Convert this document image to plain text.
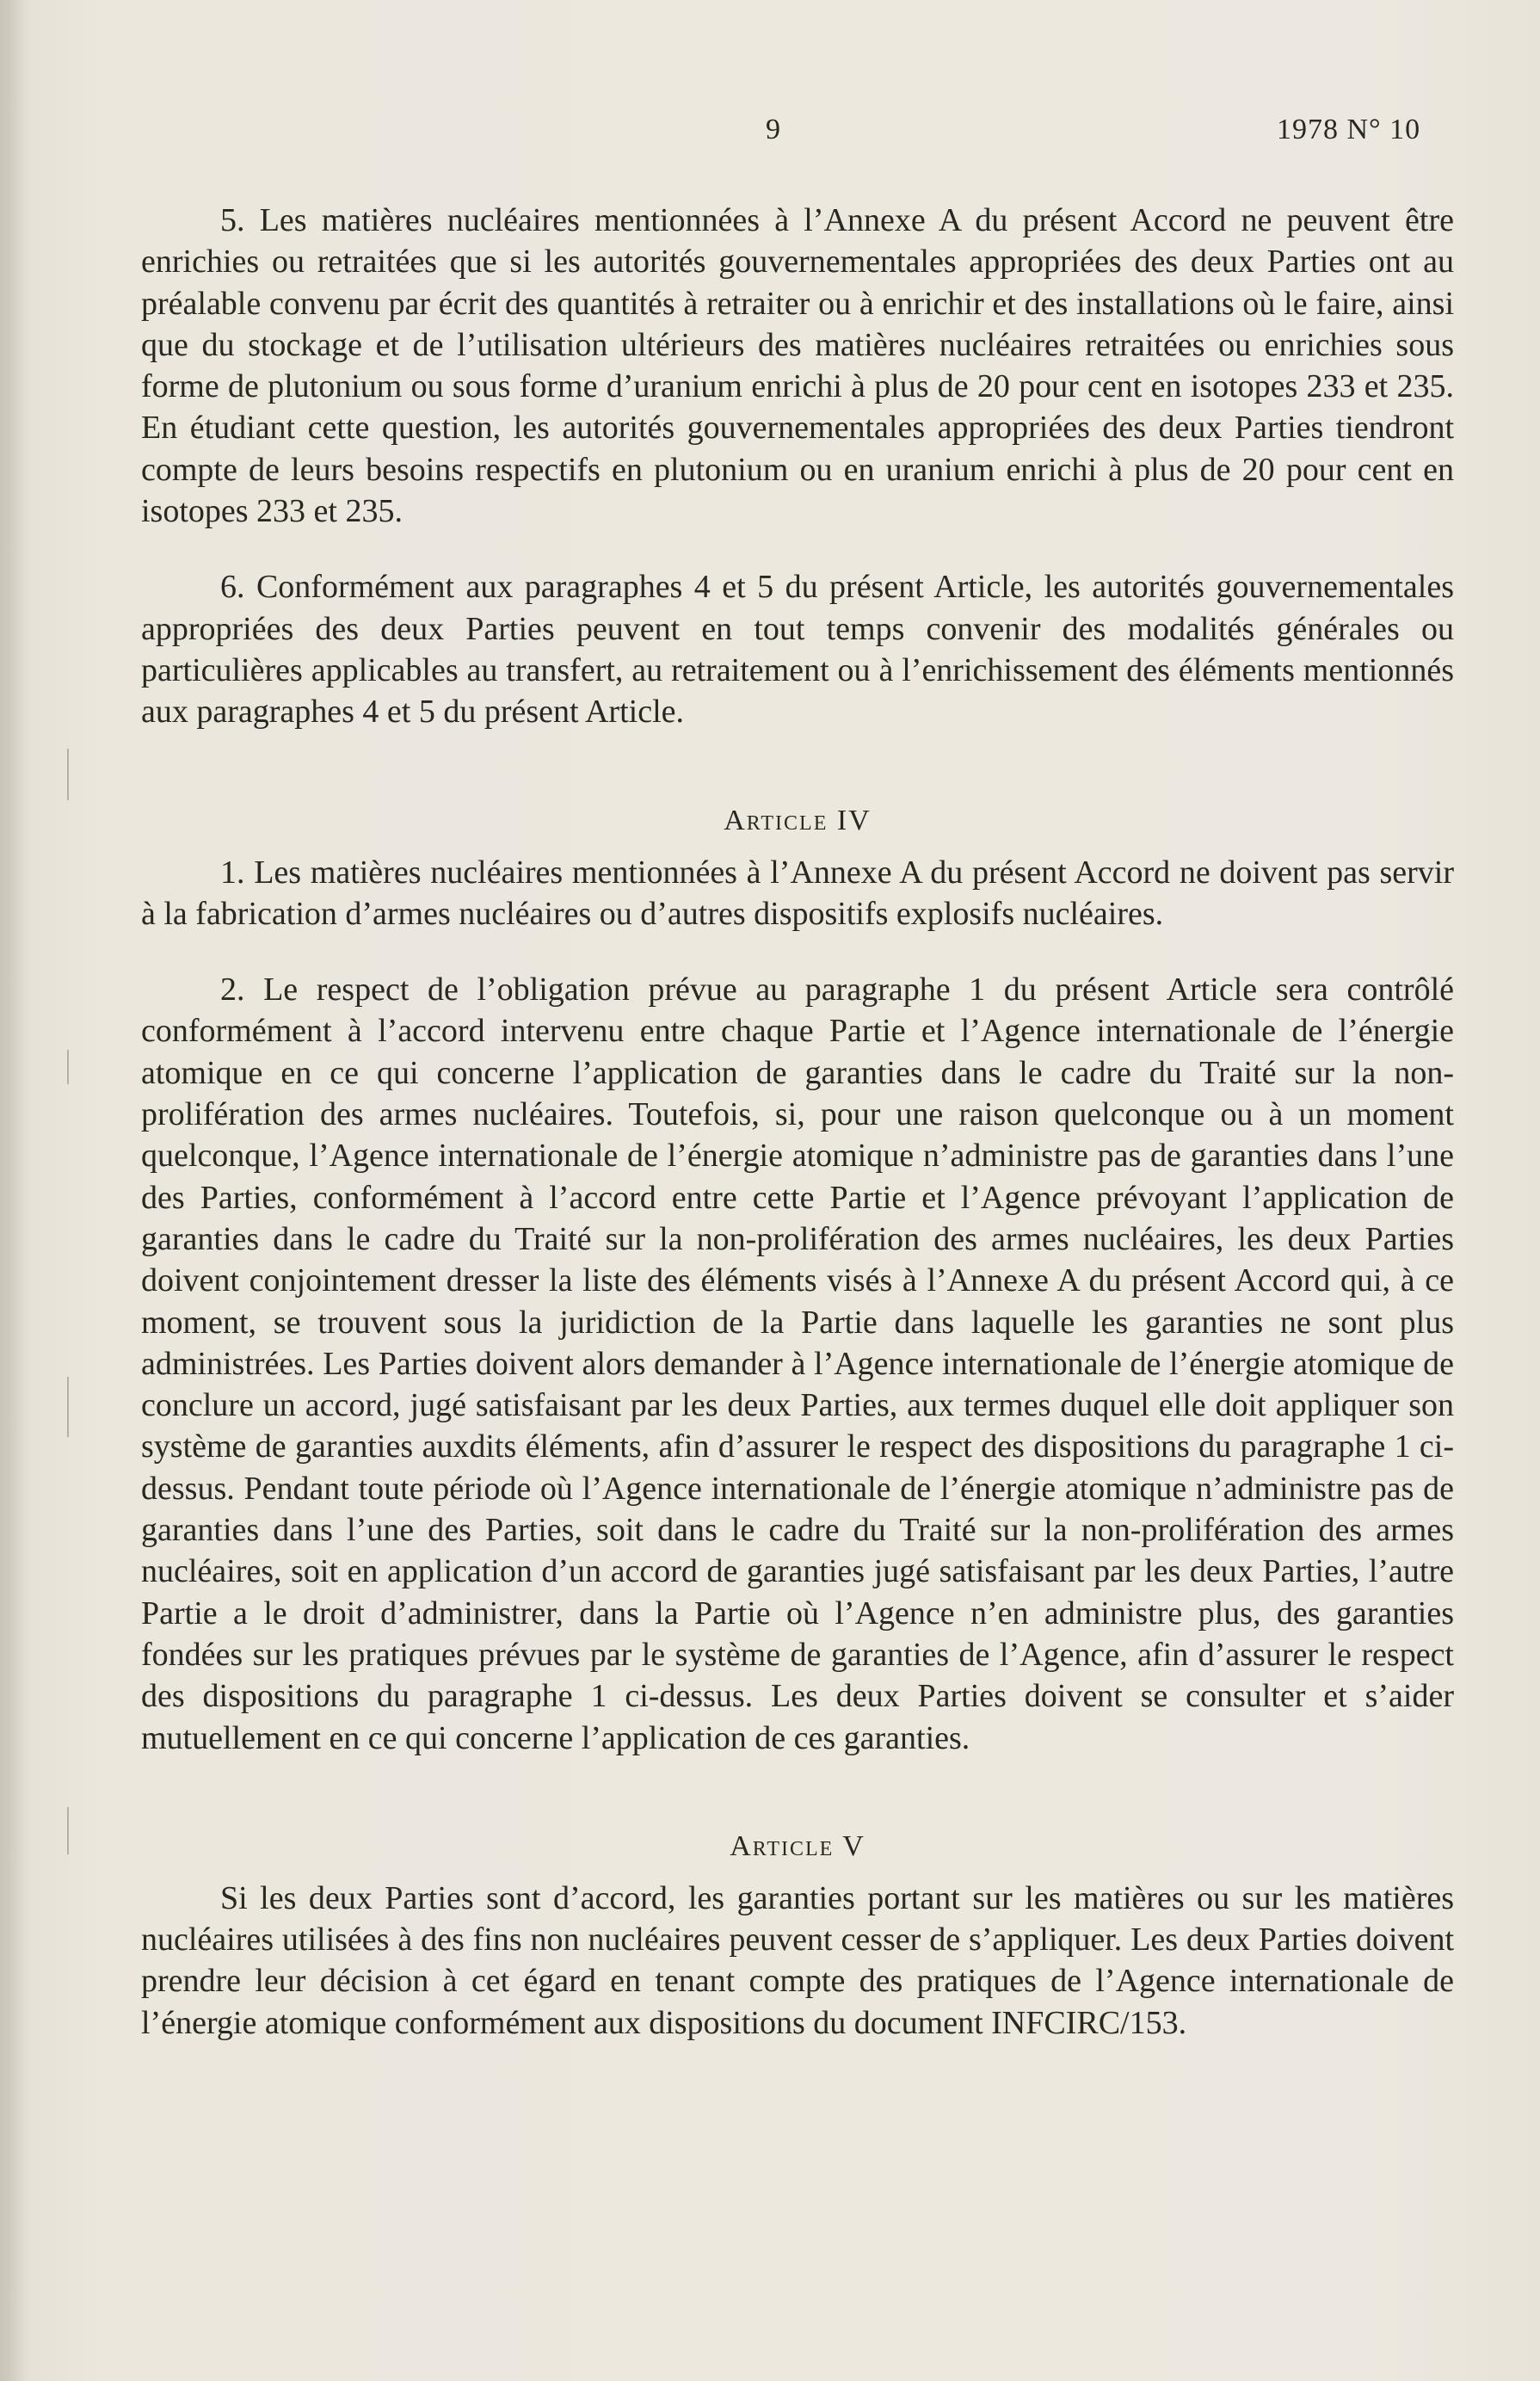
9	1978 N° 10

5. Les matières nucléaires mentionnées à l’Annexe A du présent Accord ne peuvent être enrichies ou retraitées que si les autorités gouvernementales appropriées des deux Parties ont au préalable convenu par écrit des quantités à retraiter ou à enrichir et des installations où le faire, ainsi que du stockage et de l’utilisation ultérieurs des matières nucléaires retraitées ou enrichies sous forme de plutonium ou sous forme d’uranium enrichi à plus de 20 pour cent en isotopes 233 et 235. En étudiant cette question, les autorités gouvernementales appropriées des deux Parties tiendront compte de leurs besoins respectifs en plutonium ou en uranium enrichi à plus de 20 pour cent en isotopes 233 et 235.

6. Conformément aux paragraphes 4 et 5 du présent Article, les autorités gouvernementales appropriées des deux Parties peuvent en tout temps convenir des modalités générales ou particulières applicables au transfert, au retraitement ou à l’enrichissement des éléments mentionnés aux paragraphes 4 et 5 du présent Article.

Article IV

1. Les matières nucléaires mentionnées à l’Annexe A du présent Accord ne doivent pas servir à la fabrication d’armes nucléaires ou d’autres dispositifs explosifs nucléaires.

2. Le respect de l’obligation prévue au paragraphe 1 du présent Article sera contrôlé conformément à l’accord intervenu entre chaque Partie et l’Agence internationale de l’énergie atomique en ce qui concerne l’application de garanties dans le cadre du Traité sur la non-prolifération des armes nucléaires. Toutefois, si, pour une raison quelconque ou à un moment quelconque, l’Agence internationale de l’énergie atomique n’administre pas de garanties dans l’une des Parties, conformément à l’accord entre cette Partie et l’Agence prévoyant l’application de garanties dans le cadre du Traité sur la non-prolifération des armes nucléaires, les deux Parties doivent conjointement dresser la liste des éléments visés à l’Annexe A du présent Accord qui, à ce moment, se trouvent sous la juridiction de la Partie dans laquelle les garanties ne sont plus administrées. Les Parties doivent alors demander à l’Agence internationale de l’énergie atomique de conclure un accord, jugé satisfaisant par les deux Parties, aux termes duquel elle doit appliquer son système de garanties auxdits éléments, afin d’assurer le respect des dispositions du paragraphe 1 ci-dessus. Pendant toute période où l’Agence internationale de l’énergie atomique n’administre pas de garanties dans l’une des Parties, soit dans le cadre du Traité sur la non-prolifération des armes nucléaires, soit en application d’un accord de garanties jugé satisfaisant par les deux Parties, l’autre Partie a le droit d’administrer, dans la Partie où l’Agence n’en administre plus, des garanties fondées sur les pratiques prévues par le système de garanties de l’Agence, afin d’assurer le respect des dispositions du paragraphe 1 ci-dessus. Les deux Parties doivent se consulter et s’aider mutuellement en ce qui concerne l’application de ces garanties.

Article V

Si les deux Parties sont d’accord, les garanties portant sur les matières ou sur les matières nucléaires utilisées à des fins non nucléaires peuvent cesser de s’appliquer. Les deux Parties doivent prendre leur décision à cet égard en tenant compte des pratiques de l’Agence internationale de l’énergie atomique conformément aux dispositions du document INFCIRC/153.
